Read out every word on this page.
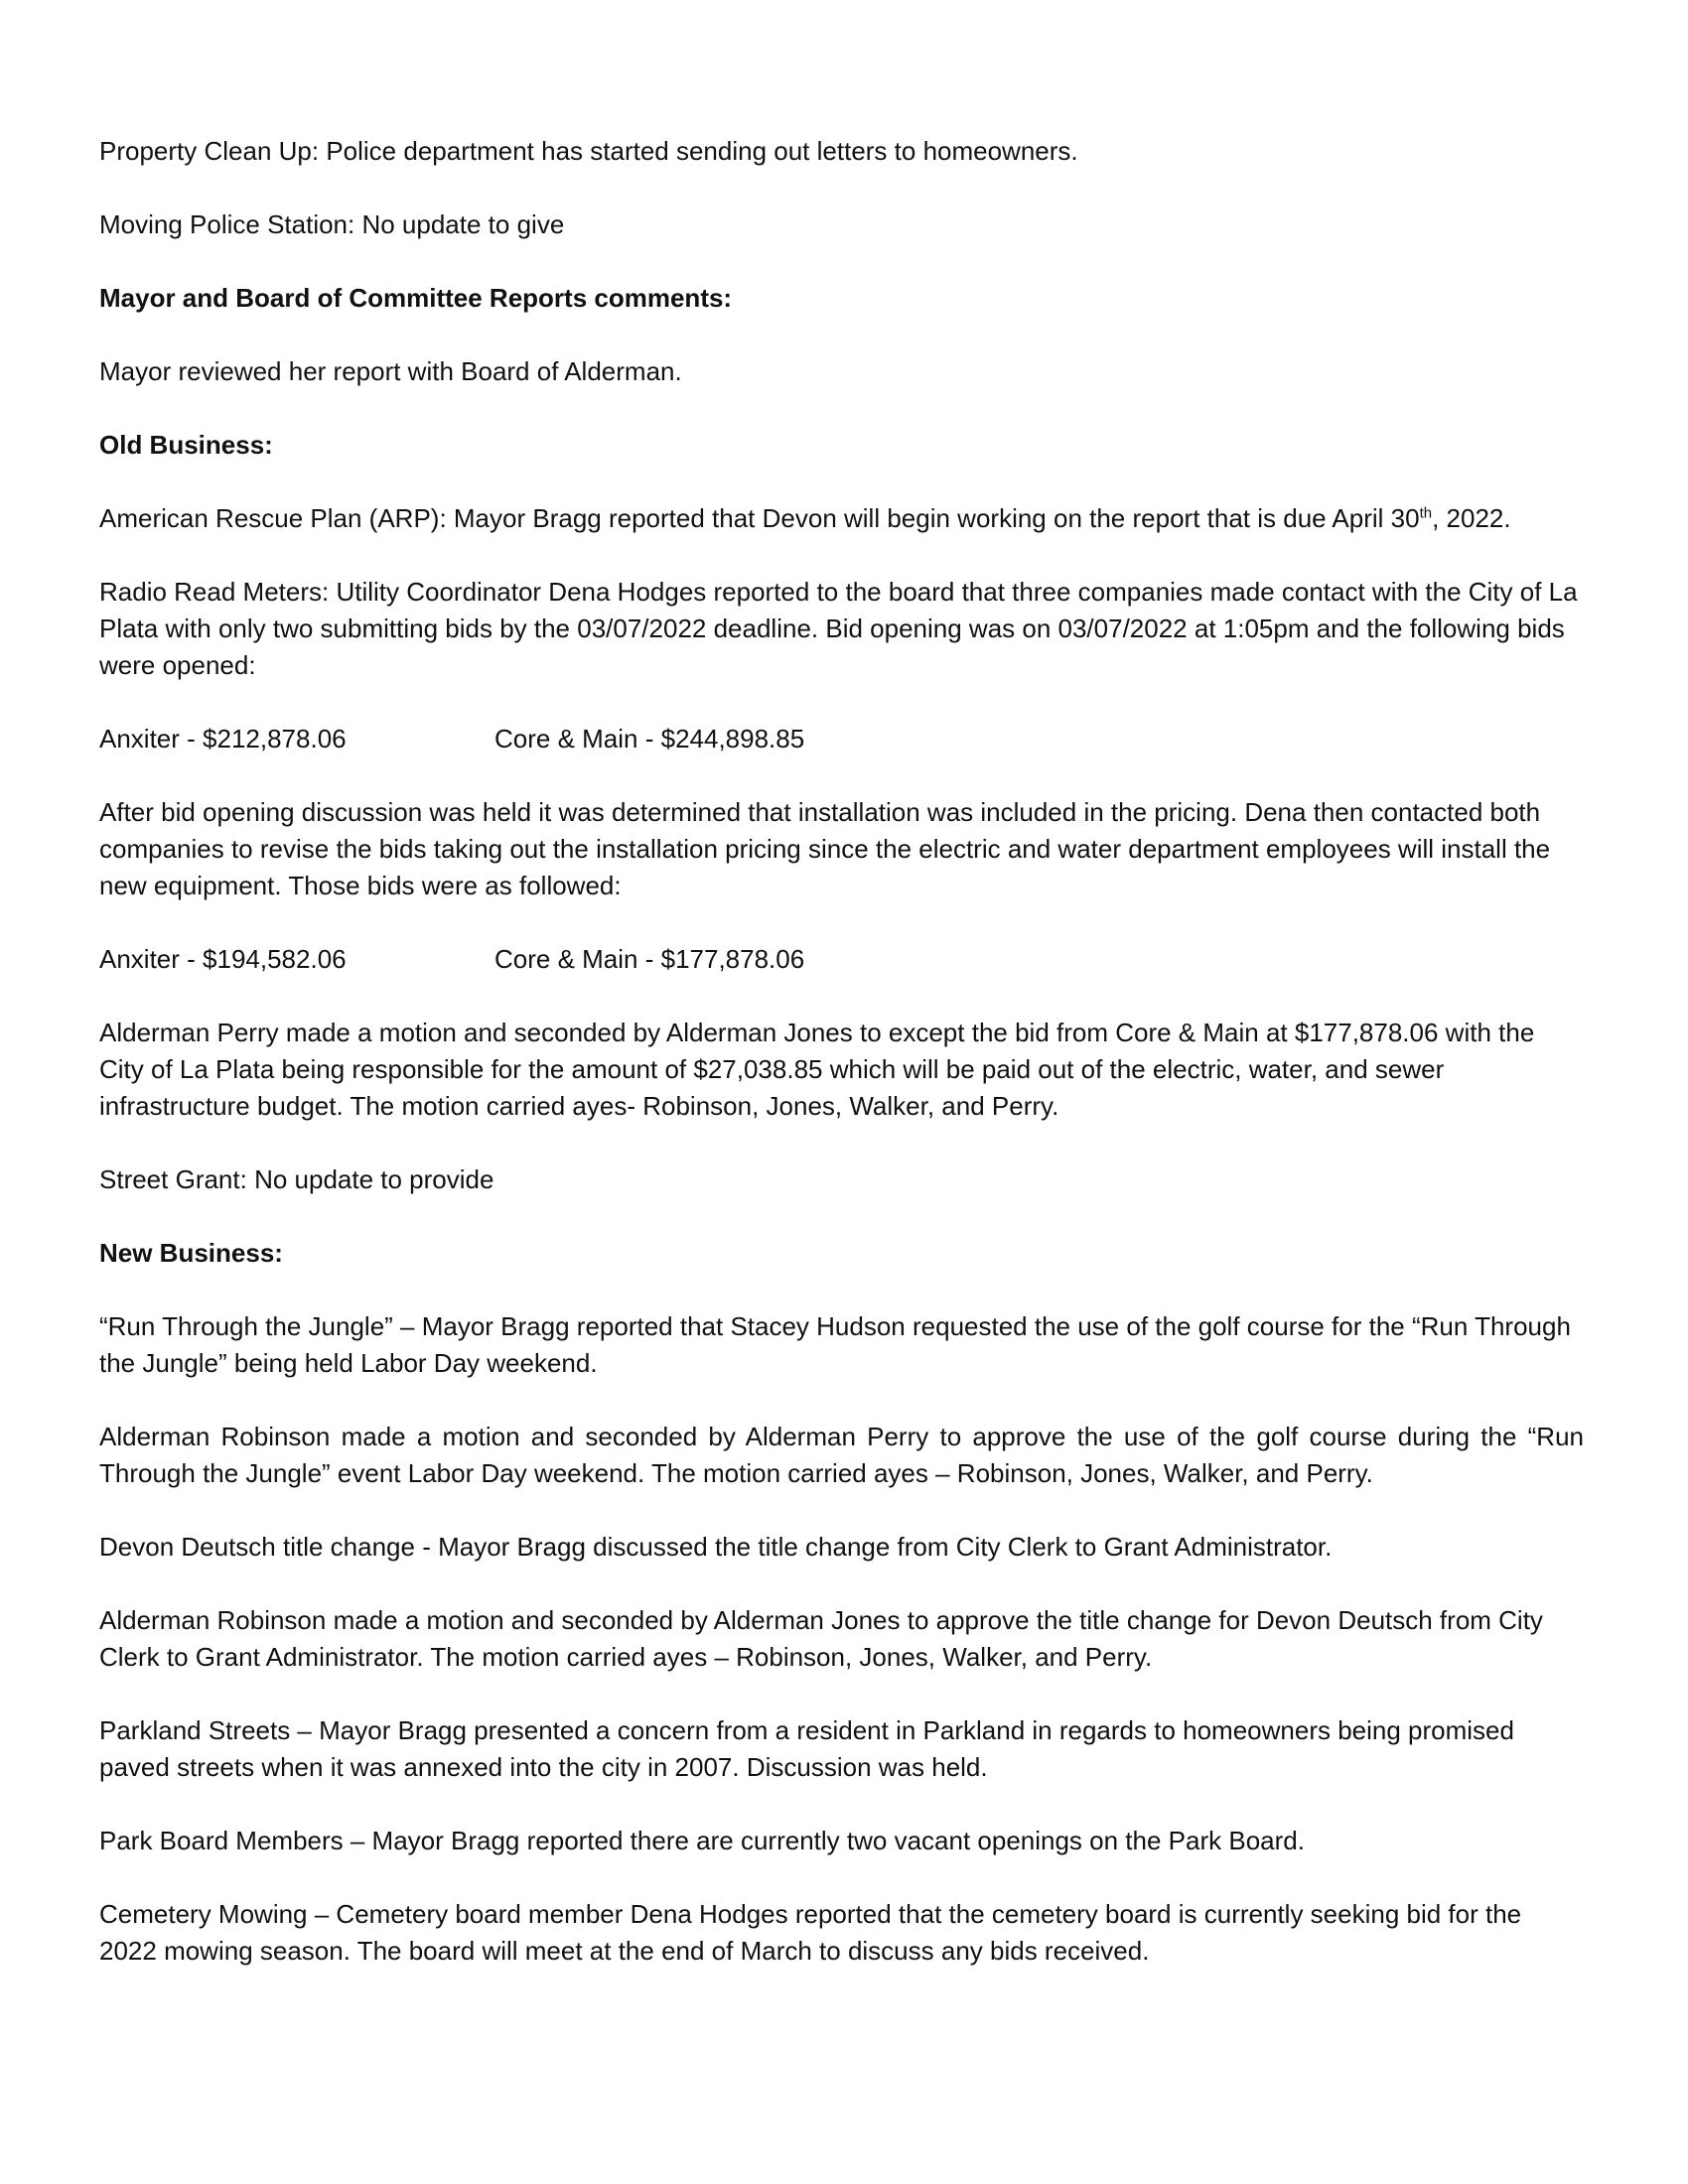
Property Clean Up: Police department has started sending out letters to homeowners.

Moving Police Station: No update to give

Mayor and Board of Committee Reports comments:

Mayor reviewed her report with Board of Alderman.

Old Business:

American Rescue Plan (ARP): Mayor Bragg reported that Devon will begin working on the report that is due April 30th, 2022.

Radio Read Meters: Utility Coordinator Dena Hodges reported to the board that three companies made contact with the City of La Plata with only two submitting bids by the 03/07/2022 deadline. Bid opening was on 03/07/2022 at 1:05pm and the following bids were opened:

Anxiter - $212,878.06	Core & Main - $244,898.85

After bid opening discussion was held it was determined that installation was included in the pricing. Dena then contacted both companies to revise the bids taking out the installation pricing since the electric and water department employees will install the new equipment. Those bids were as followed:

Anxiter - $194,582.06	Core & Main - $177,878.06

Alderman Perry made a motion and seconded by Alderman Jones to except the bid from Core & Main at $177,878.06 with the City of La Plata being responsible for the amount of $27,038.85 which will be paid out of the electric, water, and sewer infrastructure budget. The motion carried ayes- Robinson, Jones, Walker, and Perry.

Street Grant: No update to provide

New Business:

“Run Through the Jungle” – Mayor Bragg reported that Stacey Hudson requested the use of the golf course for the “Run Through the Jungle” being held Labor Day weekend.

Alderman Robinson made a motion and seconded by Alderman Perry to approve the use of the golf course during the “Run Through the Jungle” event Labor Day weekend. The motion carried ayes – Robinson, Jones, Walker, and Perry.

Devon Deutsch title change - Mayor Bragg discussed the title change from City Clerk to Grant Administrator.

Alderman Robinson made a motion and seconded by Alderman Jones to approve the title change for Devon Deutsch from City Clerk to Grant Administrator. The motion carried ayes – Robinson, Jones, Walker, and Perry.

Parkland Streets – Mayor Bragg presented a concern from a resident in Parkland in regards to homeowners being promised paved streets when it was annexed into the city in 2007. Discussion was held.

Park Board Members – Mayor Bragg reported there are currently two vacant openings on the Park Board.

Cemetery Mowing – Cemetery board member Dena Hodges reported that the cemetery board is currently seeking bid for the 2022 mowing season. The board will meet at the end of March to discuss any bids received.
